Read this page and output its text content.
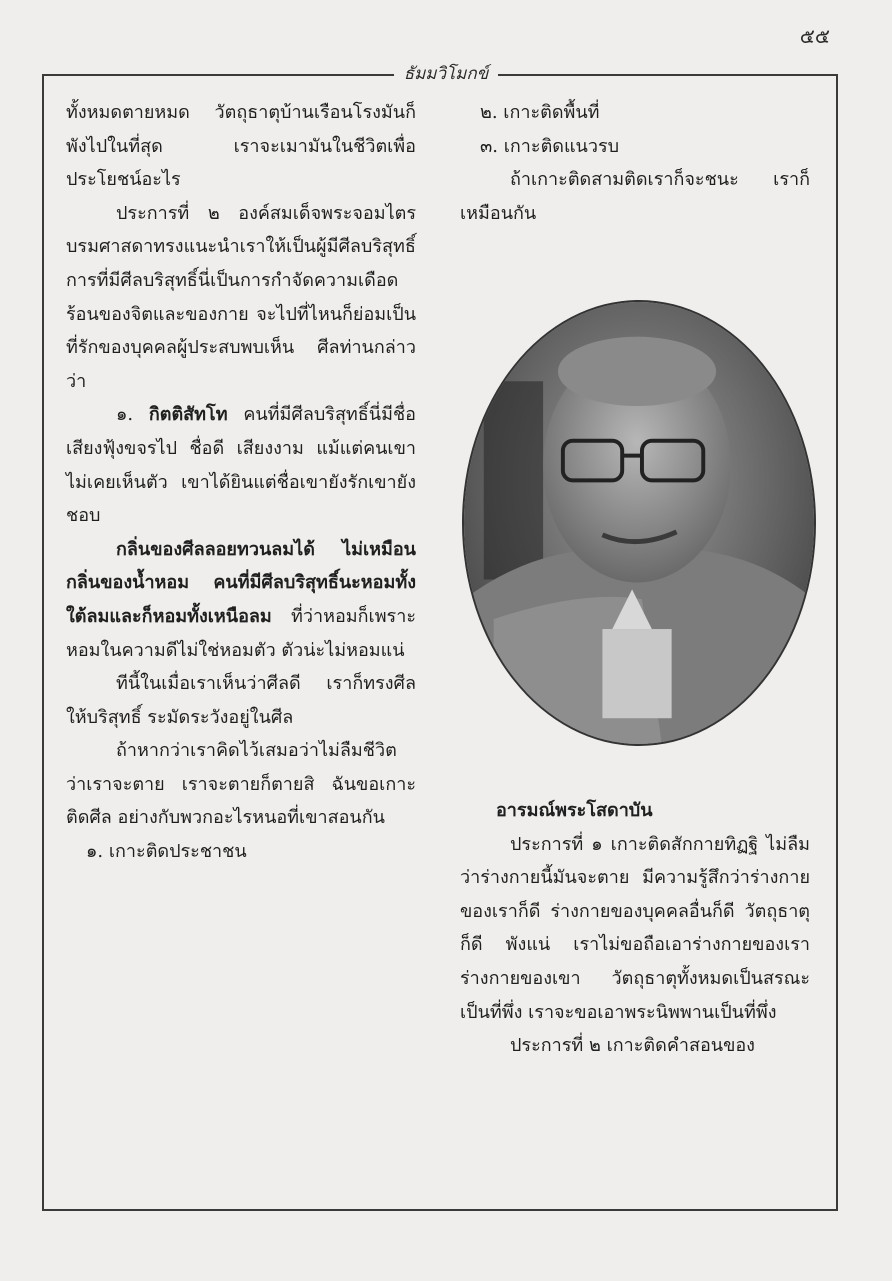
๕๕
ธัมมวิโมกข์

ทั้งหมดตายหมด วัตถุธาตุบ้านเรือนโรงมันก็พังไปในที่สุด เราจะเมามันในชีวิตเพื่อประโยชน์อะไร

ประการที่ ๒ องค์สมเด็จพระจอมไตรบรมศาสดาทรงแนะนำเราให้เป็นผู้มีศีลบริสุทธิ์ การที่มีศีลบริสุทธิ์นี่เป็นการกำจัดความเดือดร้อนของจิตและของกาย จะไปที่ไหนก็ย่อมเป็นที่รักของบุคคลผู้ประสบพบเห็น ศีลท่านกล่าวว่า

๑. กิตติสัทโท คนที่มีศีลบริสุทธิ์นี่มีชื่อเสียงฟุ้งขจรไป ชื่อดี เสียงงาม แม้แต่คนเขาไม่เคยเห็นตัว เขาได้ยินแต่ชื่อเขายังรักเขายังชอบ

กลิ่นของศีลลอยทวนลมได้ ไม่เหมือนกลิ่นของน้ำหอม คนที่มีศีลบริสุทธิ์นะหอมทั้งใต้ลมและก็หอมทั้งเหนือลม ที่ว่าหอมก็เพราะหอมในความดีไม่ใช่หอมตัว ตัวน่ะไม่หอมแน่

ทีนี้ในเมื่อเราเห็นว่าศีลดี เราก็ทรงศีลให้บริสุทธิ์ ระมัดระวังอยู่ในศีล

ถ้าหากว่าเราคิดไว้เสมอว่าไม่ลืมชีวิตว่าเราจะตาย เราจะตายก็ตายสิ ฉันขอเกาะติดศีล อย่างกับพวกอะไรหนอที่เขาสอนกัน

๑. เกาะติดประชาชน

๒. เกาะติดพื้นที่

๓. เกาะติดแนวรบ

ถ้าเกาะติดสามติดเราก็จะชนะ เราก็เหมือนกัน

อารมณ์พระโสดาบัน

ประการที่ ๑ เกาะติดสักกายทิฏฐิ ไม่ลืมว่าร่างกายนี้มันจะตาย มีความรู้สึกว่าร่างกายของเราก็ดี ร่างกายของบุคคลอื่นก็ดี วัตถุธาตุก็ดี พังแน่ เราไม่ขอถือเอาร่างกายของเรา ร่างกายของเขา วัตถุธาตุทั้งหมดเป็นสรณะเป็นที่พึ่ง เราจะขอเอาพระนิพพานเป็นที่พึ่ง

ประการที่ ๒ เกาะติดคำสอนของ
